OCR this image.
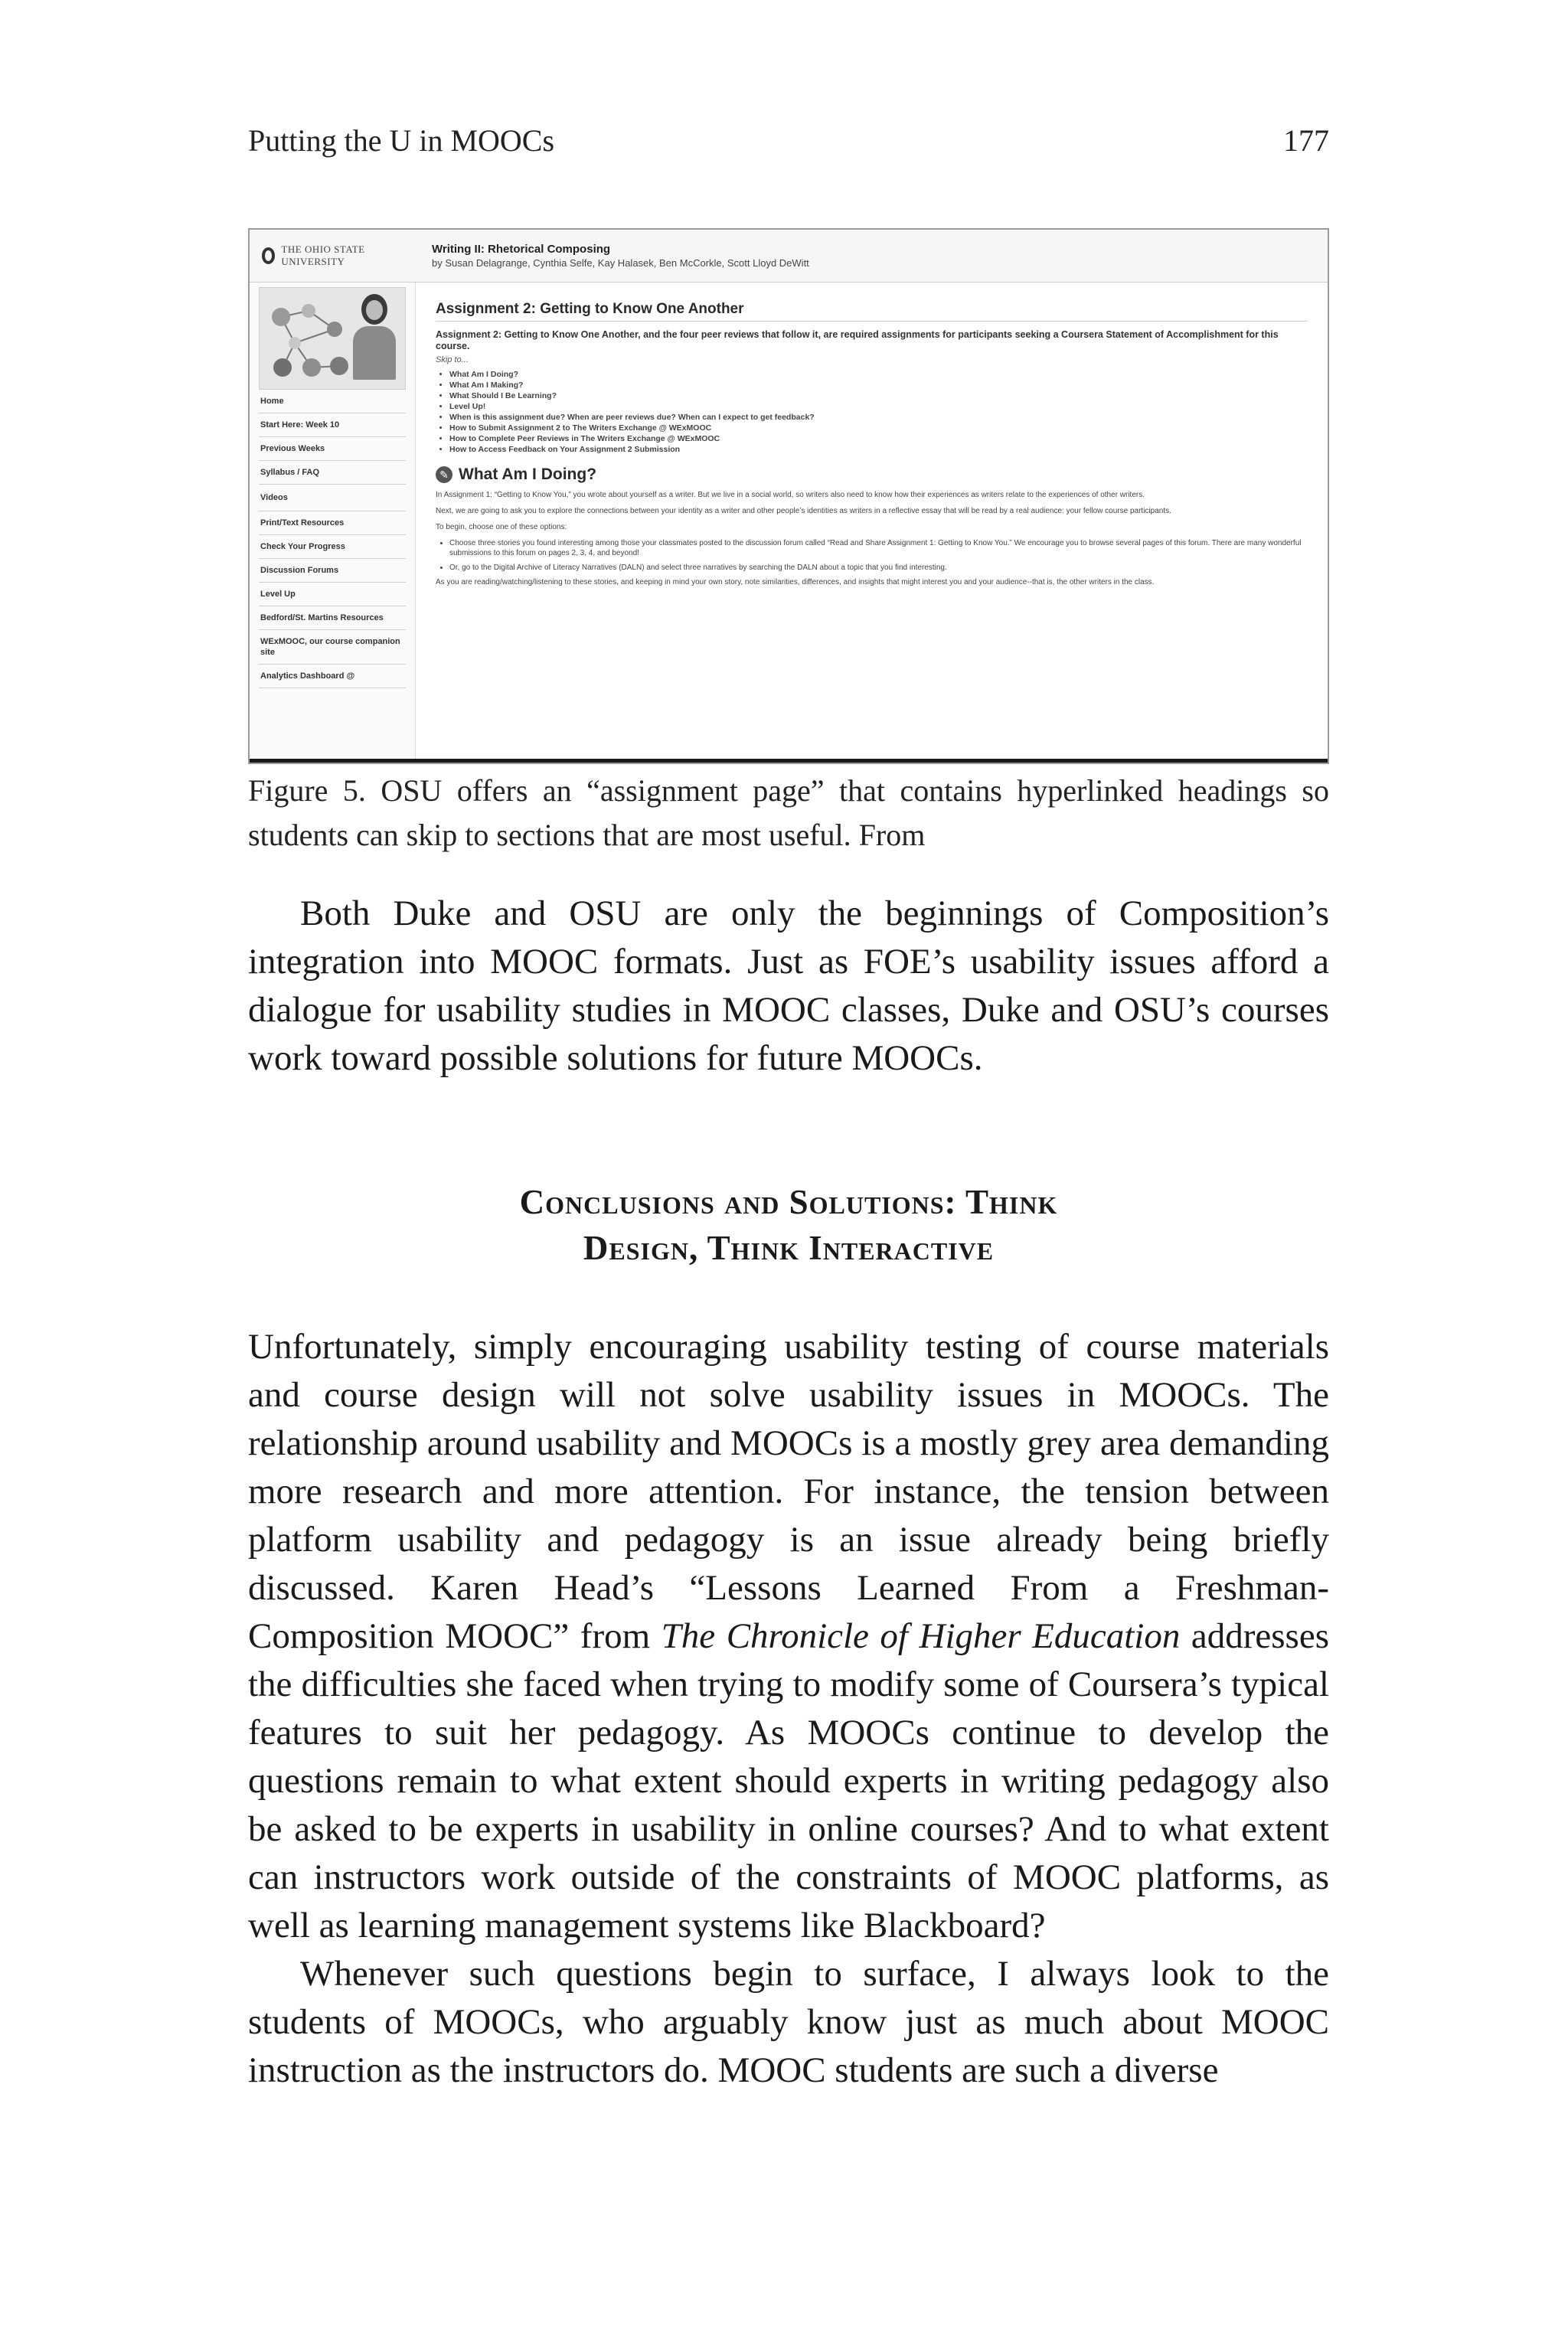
Putting the U in MOOCs	177
THE OHIO STATE UNIVERSITY
Writing II: Rhetorical Composing
by Susan Delagrange, Cynthia Selfe, Kay Halasek, Ben McCorkle, Scott Lloyd DeWitt
Home
Start Here: Week 10
Previous Weeks
Syllabus / FAQ
Videos
Print/Text Resources
Check Your Progress
Discussion Forums
Level Up
Bedford/St. Martins Resources
WExMOOC, our course companion site
Analytics Dashboard @
Assignment 2: Getting to Know One Another
Assignment 2: Getting to Know One Another, and the four peer reviews that follow it, are required assignments for participants seeking a Coursera Statement of Accomplishment for this course.
Skip to...
• What Am I Doing?
• What Am I Making?
• What Should I Be Learning?
• Level Up!
• When is this assignment due? When are peer reviews due? When can I expect to get feedback?
• How to Submit Assignment 2 to The Writers Exchange @ WExMOOC
• How to Complete Peer Reviews in The Writers Exchange @ WExMOOC
• How to Access Feedback on Your Assignment 2 Submission
✎ What Am I Doing?

In Assignment 1: “Getting to Know You,” you wrote about yourself as a writer. But we live in a social world, so writers also need to know how their experiences as writers relate to the experiences of other writers.

Next, we are going to ask you to explore the connections between your identity as a writer and other people’s identities as writers in a reflective essay that will be read by a real audience: your fellow course participants.

To begin, choose one of these options:

• Choose three stories you found interesting among those your classmates posted to the discussion forum called “Read and Share Assignment 1: Getting to Know You.” We encourage you to browse several pages of this forum. There are many wonderful submissions to this forum on pages 2, 3, 4, and beyond!
• Or, go to the Digital Archive of Literacy Narratives (DALN) and select three narratives by searching the DALN about a topic that you find interesting.

As you are reading/watching/listening to these stories, and keeping in mind your own story, note similarities, differences, and insights that might interest you and your audience--that is, the other writers in the class.

Figure 5. OSU offers an “assignment page” that contains hyperlinked headings so students can skip to sections that are most useful. From

Both Duke and OSU are only the beginnings of Composition’s integration into MOOC formats. Just as FOE’s usability issues afford a dialogue for usability studies in MOOC classes, Duke and OSU’s courses work toward possible solutions for future MOOCs.

Conclusions and Solutions: Think
Design, Think Interactive

Unfortunately, simply encouraging usability testing of course materials and course design will not solve usability issues in MOOCs. The relationship around usability and MOOCs is a mostly grey area demanding more research and more attention. For instance, the tension between platform usability and pedagogy is an issue already being briefly discussed. Karen Head’s “Lessons Learned From a Freshman-Composition MOOC” from The Chronicle of Higher Education addresses the difficulties she faced when trying to modify some of Coursera’s typical features to suit her pedagogy. As MOOCs continue to develop the questions remain to what extent should experts in writing pedagogy also be asked to be experts in usability in online courses? And to what extent can instructors work outside of the constraints of MOOC platforms, as well as learning management systems like Blackboard?

Whenever such questions begin to surface, I always look to the students of MOOCs, who arguably know just as much about MOOC instruction as the instructors do. MOOC students are such a diverse
